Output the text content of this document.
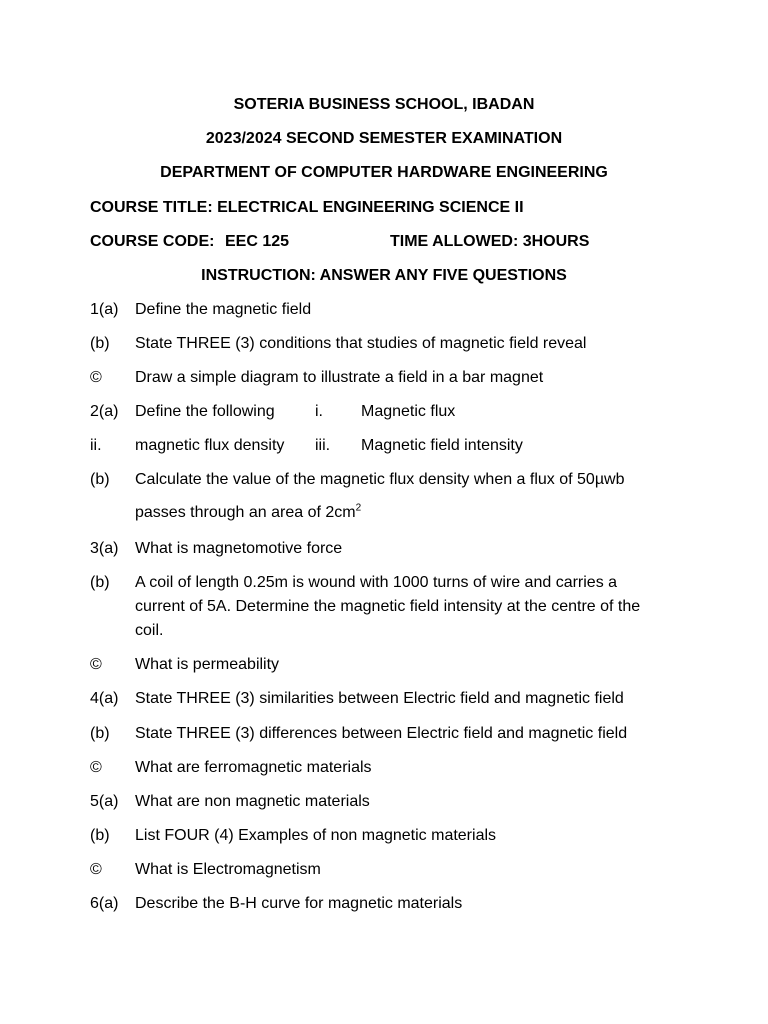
SOTERIA BUSINESS SCHOOL, IBADAN
2023/2024 SECOND SEMESTER EXAMINATION
DEPARTMENT OF COMPUTER HARDWARE ENGINEERING
COURSE TITLE: ELECTRICAL ENGINEERING SCIENCE II
COURSE CODE: EEC 125	TIME ALLOWED: 3HOURS
INSTRUCTION: ANSWER ANY FIVE QUESTIONS
1(a) Define the magnetic field
(b) State THREE (3) conditions that studies of magnetic field reveal
© Draw a simple diagram to illustrate a field in a bar magnet
2(a) Define the following	i. Magnetic flux
ii. magnetic flux density	iii. Magnetic field intensity
(b) Calculate the value of the magnetic flux density when a flux of 50µwb
passes through an area of $2cm^2$
3(a) What is magnetomotive force
(b) A coil of length 0.25m is wound with 1000 turns of wire and carries a
current of 5A. Determine the magnetic field intensity at the centre of the
coil.
© What is permeability
4(a) State THREE (3) similarities between Electric field and magnetic field
(b) State THREE (3) differences between Electric field and magnetic field
© What are ferromagnetic materials
5(a) What are non magnetic materials
(b) List FOUR (4) Examples of non magnetic materials
© What is Electromagnetism
6(a) Describe the B-H curve for magnetic materials
